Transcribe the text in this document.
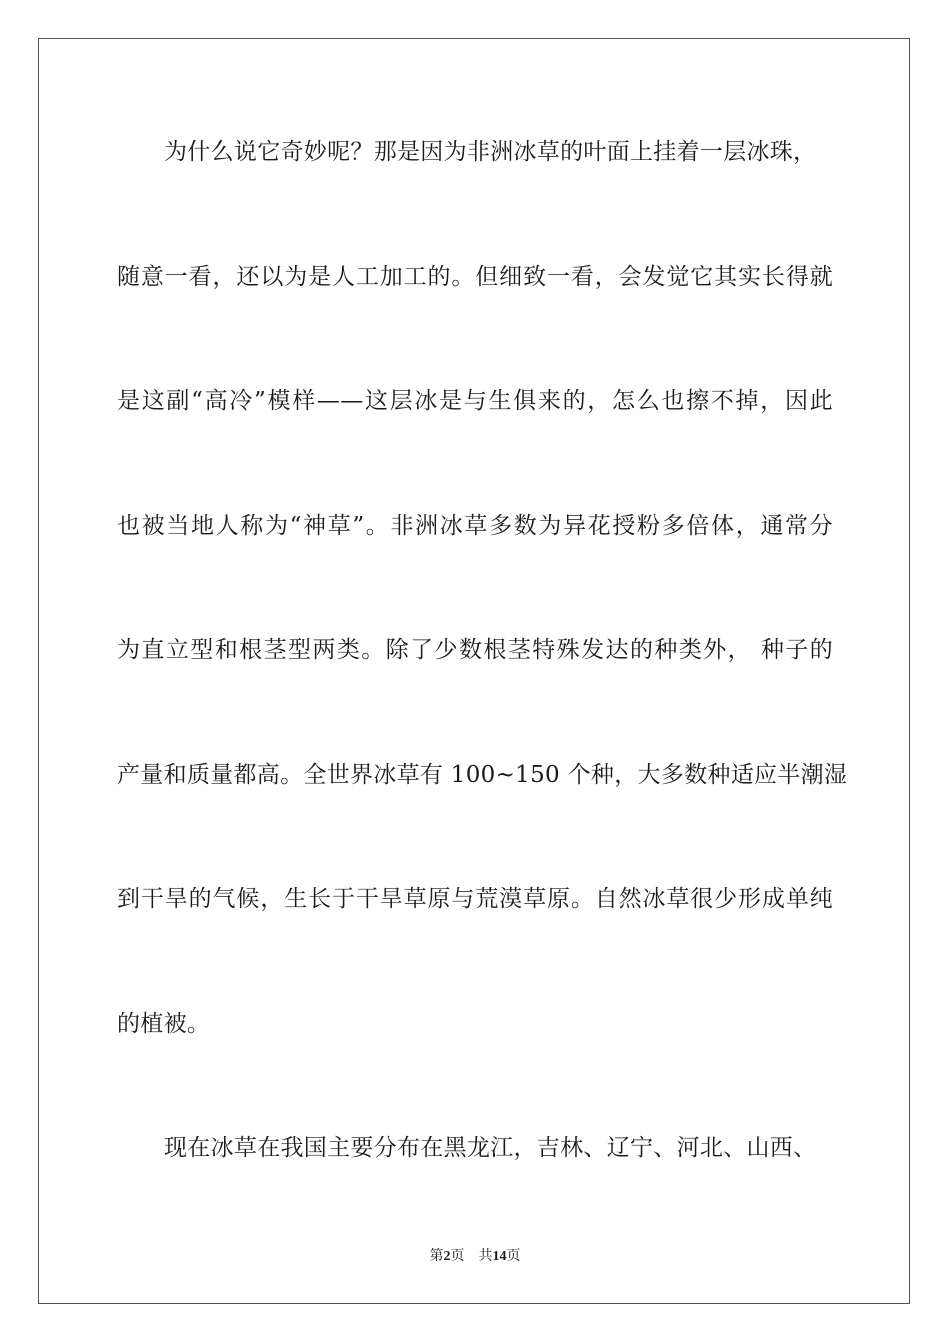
为什么说它奇妙呢？那是因为非洲冰草的叶面上挂着一层冰珠，
随意一看，还以为是人工加工的。但细致一看，会发觉它其实长得就
是这副“高冷”模样——这层冰是与生俱来的，怎么也擦不掉，因此
也被当地人称为“神草”。非洲冰草多数为异花授粉多倍体，通常分
为直立型和根茎型两类。除了少数根茎特殊发达的种类外， 种子的
产量和质量都高。全世界冰草有 100~150 个种，大多数种适应半潮湿
到干旱的气候，生长于干旱草原与荒漠草原。自然冰草很少形成单纯
的植被。
现在冰草在我国主要分布在黑龙江，吉林、辽宁、河北、山西、
第2页 共14页
